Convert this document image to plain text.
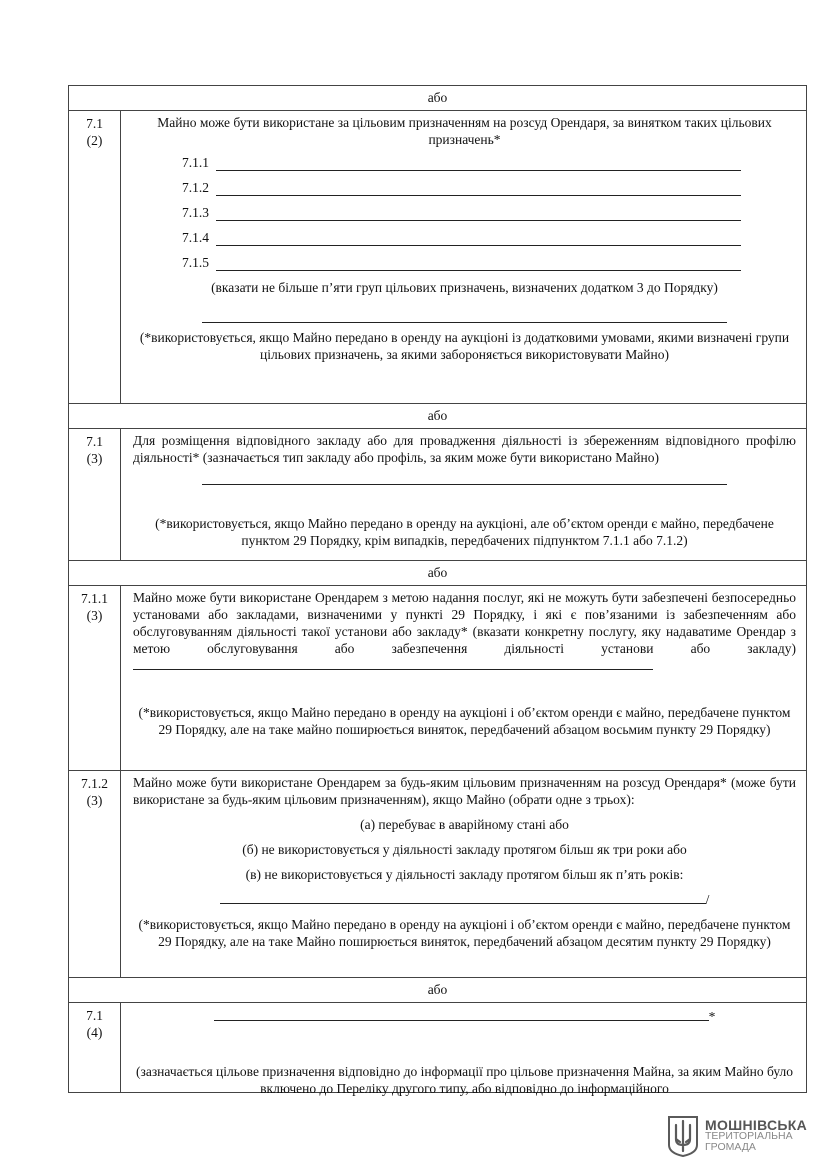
або
7.1
(2)
Майно може бути використане за цільовим призначенням на розсуд Орендаря, за винятком таких цільових призначень*
7.1.1
7.1.2
7.1.3
7.1.4
7.1.5
(вказати не більше п’яти груп цільових призначень, визначених додатком 3 до Порядку)
(*використовується, якщо Майно передано в оренду на аукціоні із додатковими умовами, якими визначені групи цільових призначень, за якими забороняється використовувати Майно)
або
7.1
(3)
Для розміщення відповідного закладу або для провадження діяльності із збереженням відповідного профілю діяльності* (зазначається тип закладу або профіль, за яким може бути використано Майно)
(*використовується, якщо Майно передано в оренду на аукціоні, але об’єктом оренди є майно, передбачене пунктом 29 Порядку, крім випадків, передбачених підпунктом 7.1.1 або 7.1.2)
або
7.1.1
(3)
Майно може бути використане Орендарем з метою надання послуг, які не можуть бути забезпечені безпосередньо установами або закладами, визначеними у пункті 29 Порядку, і які є пов’язаними із забезпеченням або обслуговуванням діяльності такої установи або закладу* (вказати конкретну послугу, яку надаватиме Орендар з метою обслуговування або забезпечення діяльності установи або закладу)
(*використовується, якщо Майно передано в оренду на аукціоні і об’єктом оренди є майно, передбачене пунктом 29 Порядку, але на таке майно поширюється виняток, передбачений абзацом восьмим пункту 29 Порядку)
7.1.2
(3)
Майно може бути використане Орендарем за будь-яким цільовим призначенням на розсуд Орендаря* (може бути використане за будь-яким цільовим призначенням), якщо Майно (обрати одне з трьох):
(а) перебуває в аварійному стані або
(б) не використовується у діяльності закладу протягом більш як три роки або
(в) не використовується у діяльності закладу протягом більш як п’ять років:
/
(*використовується, якщо Майно передано в оренду на аукціоні і об’єктом оренди є майно, передбачене пунктом 29 Порядку, але на таке Майно поширюється виняток, передбачений абзацом десятим пункту 29 Порядку)
або
7.1
(4)
*
(зазначається цільове призначення відповідно до інформації про цільове призначення Майна, за яким Майно було включено до Переліку другого типу, або відповідно до інформаційного
МОШНІВСЬКА
ТЕРИТОРІАЛЬНА
ГРОМАДА
